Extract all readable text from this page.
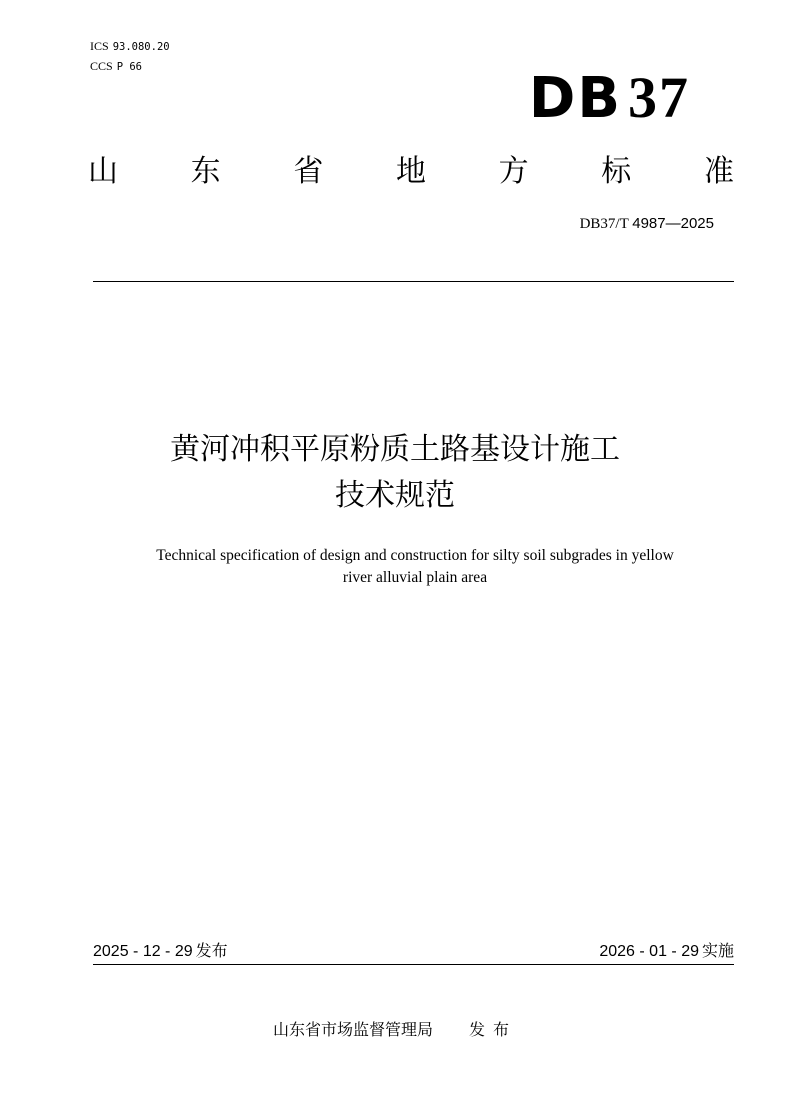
ICS 93.080.20
CCS P 66	DB 37
山 东 省 地 方 标 准
DB37/T 4987—2025
黄河冲积平原粉质土路基设计施工
技术规范
Technical specification of design and construction for silty soil subgrades in yellow
river alluvial plain area
2025 - 12 - 29 发布	2026 - 01 - 29 实施
山东省市场监督管理局 发布
